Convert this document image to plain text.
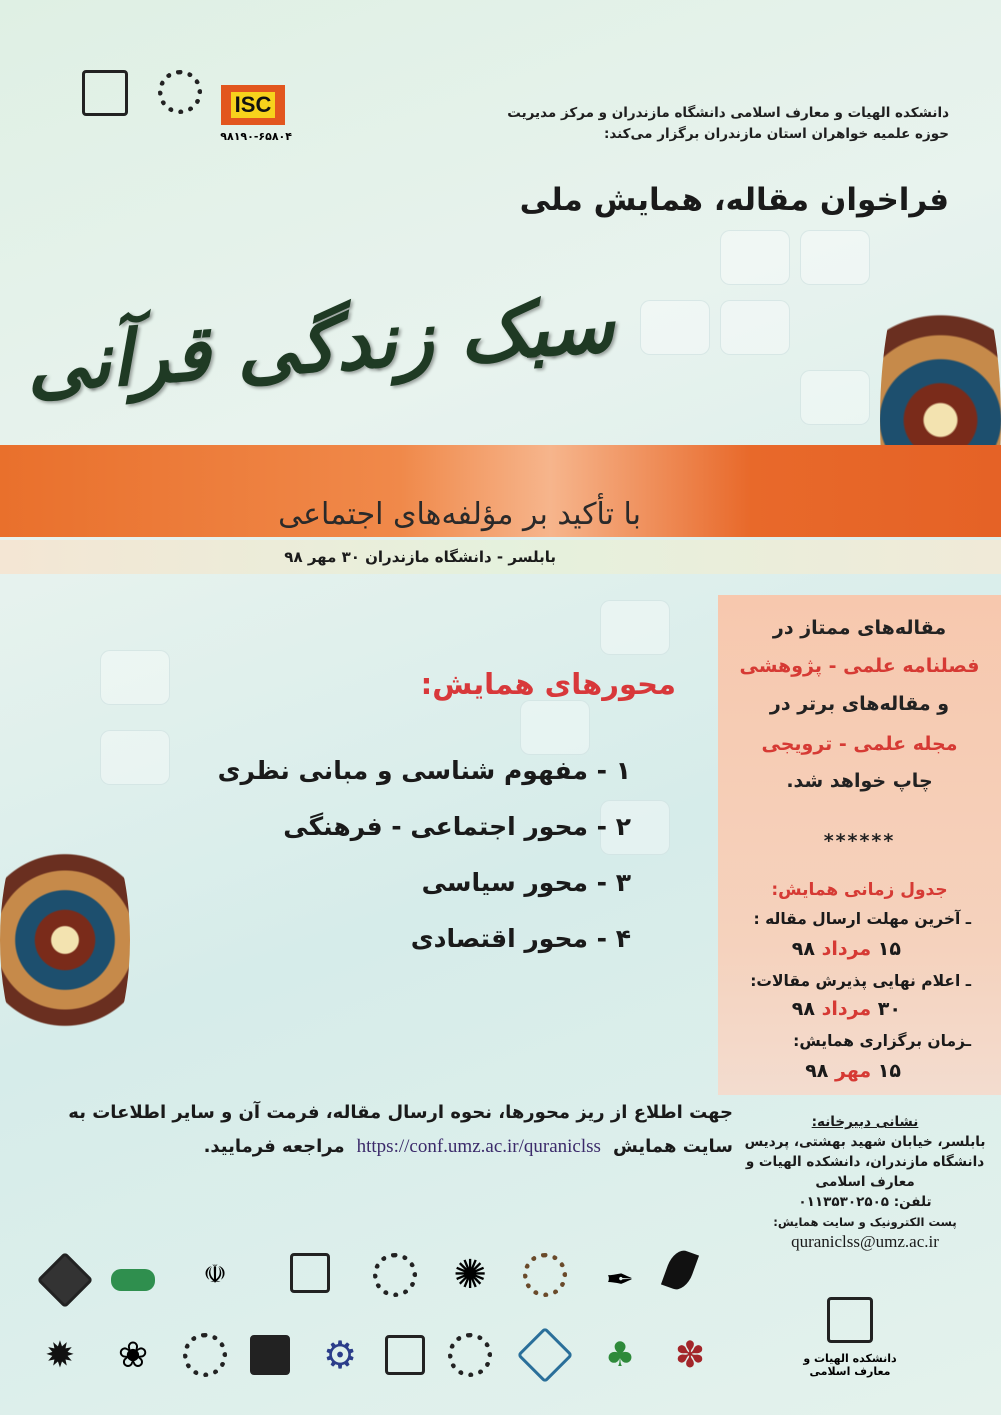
ISC
۹۸۱۹۰-۶۵۸۰۴
دانشکده الهیات و معارف اسلامی دانشگاه مازندران و مرکز مدیریت
حوزه علمیه خواهران استان مازندران برگزار می‌کند:
فراخوان مقاله، همایش ملی
سبک زندگی قرآنی
با تأکید بر مؤلفه‌های اجتماعی
بابلسر - دانشگاه مازندران ۳۰ مهر ۹۸
محورهای همایش:
۱ - مفهوم شناسی و مبانی نظری
۲ - محور اجتماعی - فرهنگی
۳ - محور سیاسی
۴ - محور اقتصادی
مقاله‌های ممتاز در
فصلنامه علمی - پژوهشی
و مقاله‌های برتر در
مجله علمی - ترویجی
چاپ خواهد شد.
******
جدول زمانی همایش:
ـ آخرین مهلت ارسال مقاله :
۱۵ مرداد ۹۸
ـ اعلام نهایی پذیرش مقالات:
۳۰ مرداد ۹۸
ـزمان برگزاری همایش:
۱۵ مهر ۹۸
جهت اطلاع از ریز محورها، نحوه ارسال مقاله، فرمت آن و سایر اطلاعات به
سایت همایشhttps://conf.umz.ac.ir/quraniclssمراجعه فرمایید.
نشانی دبیرخانه:
بابلسر، خیابان شهید بهشتی، پردیس
دانشگاه مازندران، دانشکده الهیات و
معارف اسلامی
تلفن: ۰۱۱۳۵۳۰۲۵۰۵
پست الکترونیک و سایت همایش:
quraniclss@umz.ac.ir
☫	✺	✒
✹ ❀	⚙	♣ ✽	دانشکده الهیات و معارف اسلامی
